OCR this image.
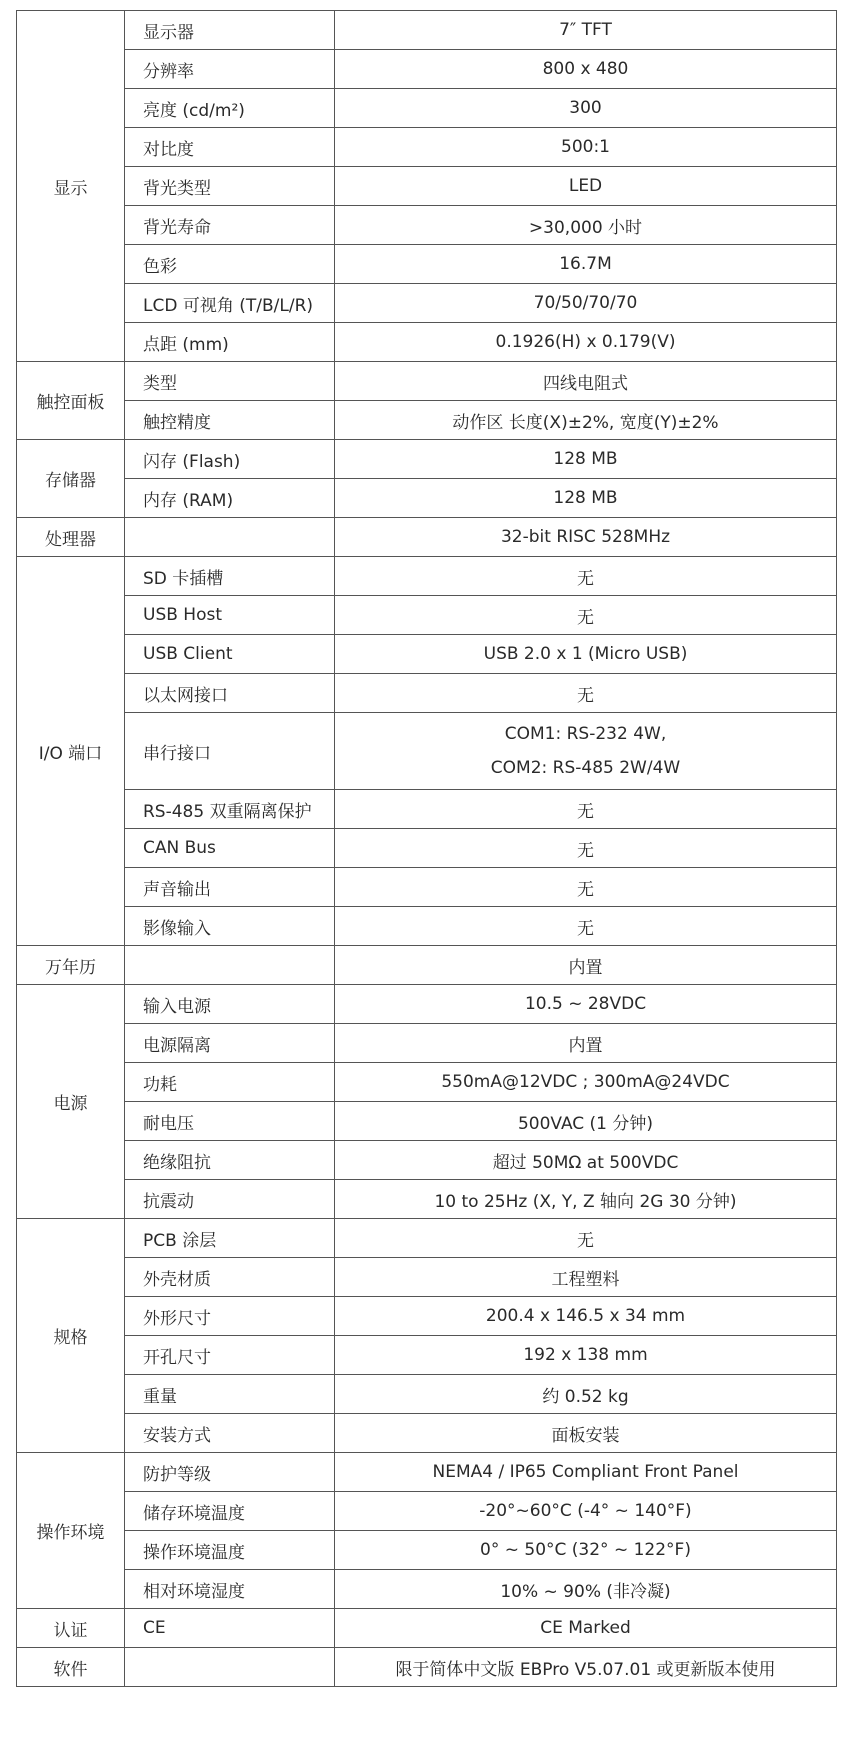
显示	显示器	7″ TFT
	分辨率	800 x 480
	亮度 (cd/m²)	300
	对比度	500:1
	背光类型	LED
	背光寿命	>30,000 小时
	色彩	16.7M
	LCD 可视角 (T/B/L/R)	70/50/70/70
	点距 (mm)	0.1926(H) x 0.179(V)
触控面板	类型	四线电阻式
	触控精度	动作区 长度(X)±2%, 宽度(Y)±2%
存储器	闪存 (Flash)	128 MB
	内存 (RAM)	128 MB
处理器		32-bit RISC 528MHz
I/O 端口	SD 卡插槽	无
	USB Host	无
	USB Client	USB 2.0 x 1 (Micro USB)
	以太网接口	无
	串行接口	COM1: RS-232 4W,
COM2: RS-485 2W/4W

	RS-485 双重隔离保护	无
	CAN Bus	无
	声音输出	无
	影像输入	无
万年历		内置
电源	输入电源	10.5 ~ 28VDC
	电源隔离	内置
	功耗	550mA@12VDC ; 300mA@24VDC
	耐电压	500VAC (1 分钟)
	绝缘阻抗	超过 50MΩ at 500VDC
	抗震动	10 to 25Hz (X, Y, Z 轴向 2G 30 分钟)
规格	PCB 涂层	无
	外壳材质	工程塑料
	外形尺寸	200.4 x 146.5 x 34 mm
	开孔尺寸	192 x 138 mm
	重量	约 0.52 kg
	安装方式	面板安装
操作环境	防护等级	NEMA4 / IP65 Compliant Front Panel
	储存环境温度	-20°~60°C (-4° ~ 140°F)
	操作环境温度	0° ~ 50°C (32° ~ 122°F)
	相对环境湿度	10% ~ 90% (非冷凝)
认证	CE	CE Marked
软件		限于简体中文版 EBPro V5.07.01 或更新版本使用
